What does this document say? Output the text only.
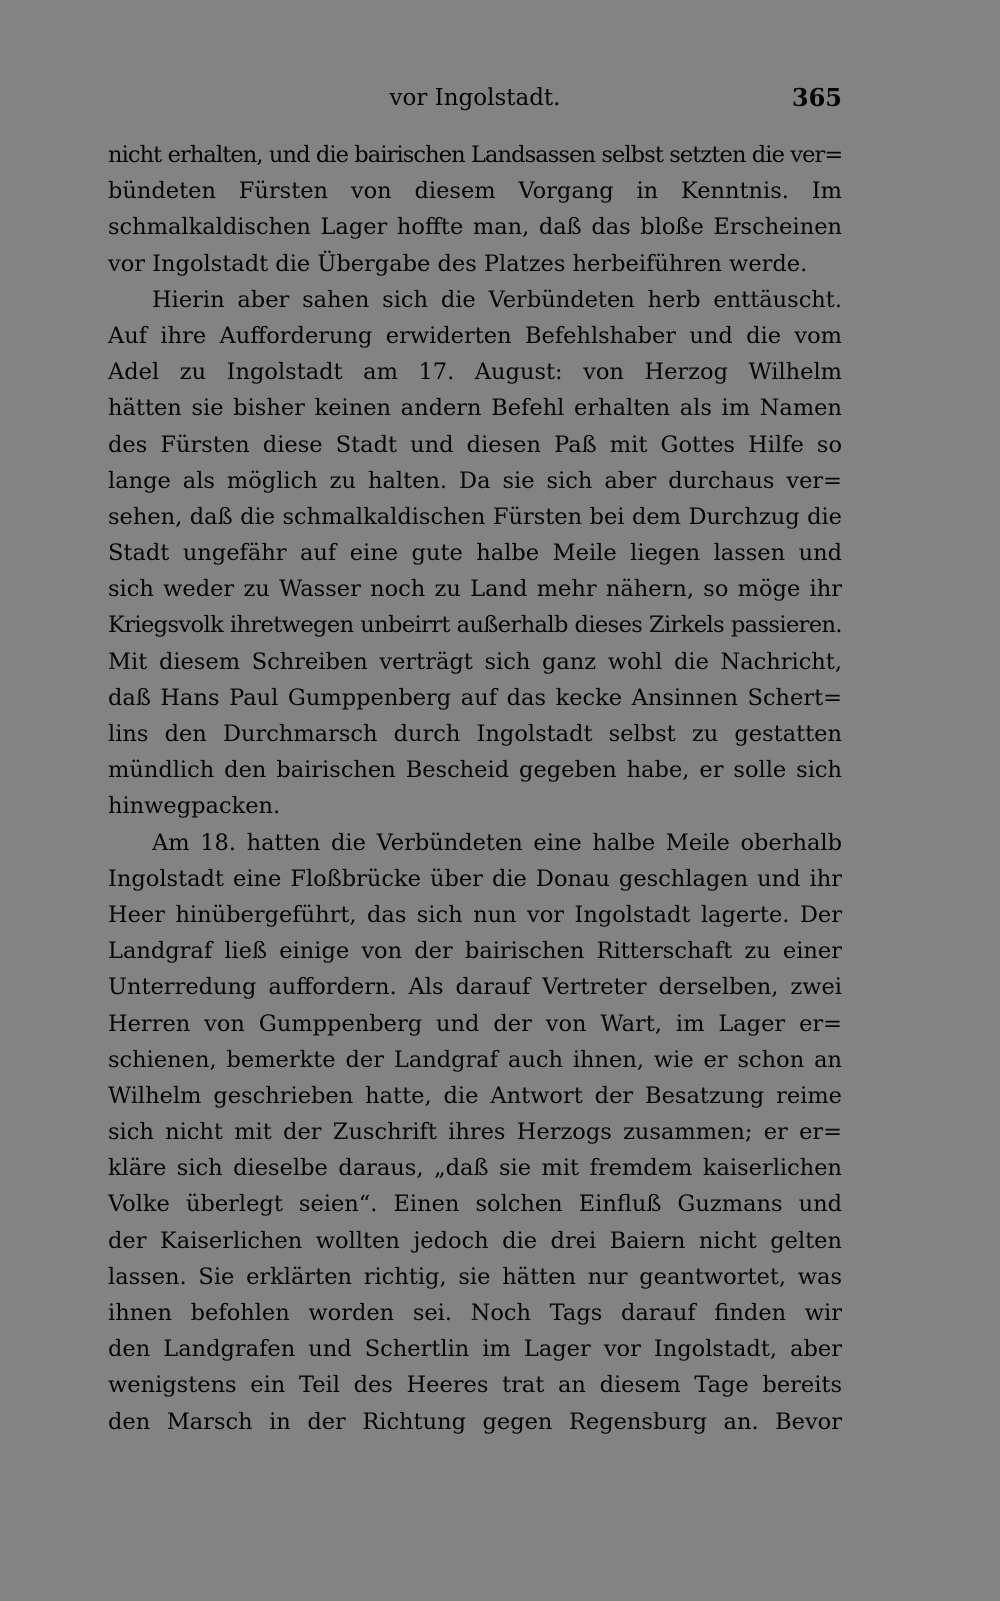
vor Ingolstadt.	365
nicht erhalten, und die bairischen Landsassen selbst setzten die ver=
bündeten Fürsten von diesem Vorgang in Kenntnis. Im
schmalkaldischen Lager hoffte man, daß das bloße Erscheinen
vor Ingolstadt die Übergabe des Platzes herbeiführen werde.
Hierin aber sahen sich die Verbündeten herb enttäuscht.
Auf ihre Aufforderung erwiderten Befehlshaber und die vom
Adel zu Ingolstadt am 17. August: von Herzog Wilhelm
hätten sie bisher keinen andern Befehl erhalten als im Namen
des Fürsten diese Stadt und diesen Paß mit Gottes Hilfe so
lange als möglich zu halten. Da sie sich aber durchaus ver=
sehen, daß die schmalkaldischen Fürsten bei dem Durchzug die
Stadt ungefähr auf eine gute halbe Meile liegen lassen und
sich weder zu Wasser noch zu Land mehr nähern, so möge ihr
Kriegsvolk ihretwegen unbeirrt außerhalb dieses Zirkels passieren.
Mit diesem Schreiben verträgt sich ganz wohl die Nachricht,
daß Hans Paul Gumppenberg auf das kecke Ansinnen Schert=
lins den Durchmarsch durch Ingolstadt selbst zu gestatten
mündlich den bairischen Bescheid gegeben habe, er solle sich
hinwegpacken.
Am 18. hatten die Verbündeten eine halbe Meile oberhalb
Ingolstadt eine Floßbrücke über die Donau geschlagen und ihr
Heer hinübergeführt, das sich nun vor Ingolstadt lagerte. Der
Landgraf ließ einige von der bairischen Ritterschaft zu einer
Unterredung auffordern. Als darauf Vertreter derselben, zwei
Herren von Gumppenberg und der von Wart, im Lager er=
schienen, bemerkte der Landgraf auch ihnen, wie er schon an
Wilhelm geschrieben hatte, die Antwort der Besatzung reime
sich nicht mit der Zuschrift ihres Herzogs zusammen; er er=
kläre sich dieselbe daraus, „daß sie mit fremdem kaiserlichen
Volke überlegt seien“. Einen solchen Einfluß Guzmans und
der Kaiserlichen wollten jedoch die drei Baiern nicht gelten
lassen. Sie erklärten richtig, sie hätten nur geantwortet, was
ihnen befohlen worden sei. Noch Tags darauf finden wir
den Landgrafen und Schertlin im Lager vor Ingolstadt, aber
wenigstens ein Teil des Heeres trat an diesem Tage bereits
den Marsch in der Richtung gegen Regensburg an. Bevor
